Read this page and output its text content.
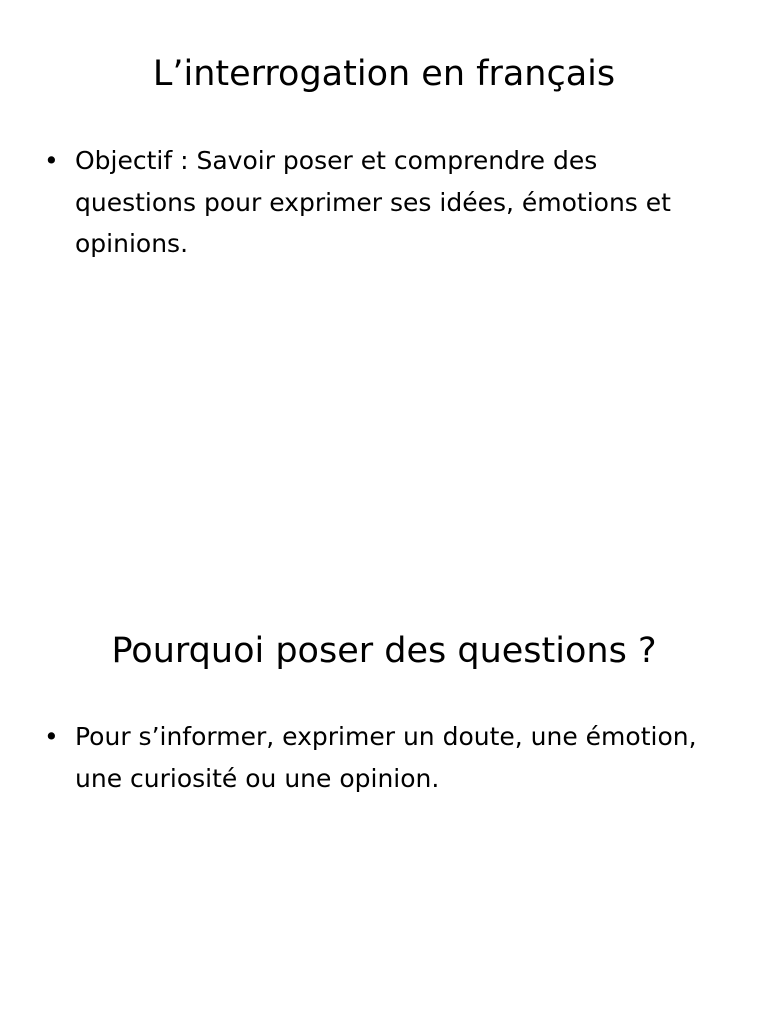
L’interrogation en français
• Objectif : Savoir poser et comprendre des questions pour exprimer ses idées, émotions et opinions.
Pourquoi poser des questions ?
• Pour s’informer, exprimer un doute, une émotion, une curiosité ou une opinion.
